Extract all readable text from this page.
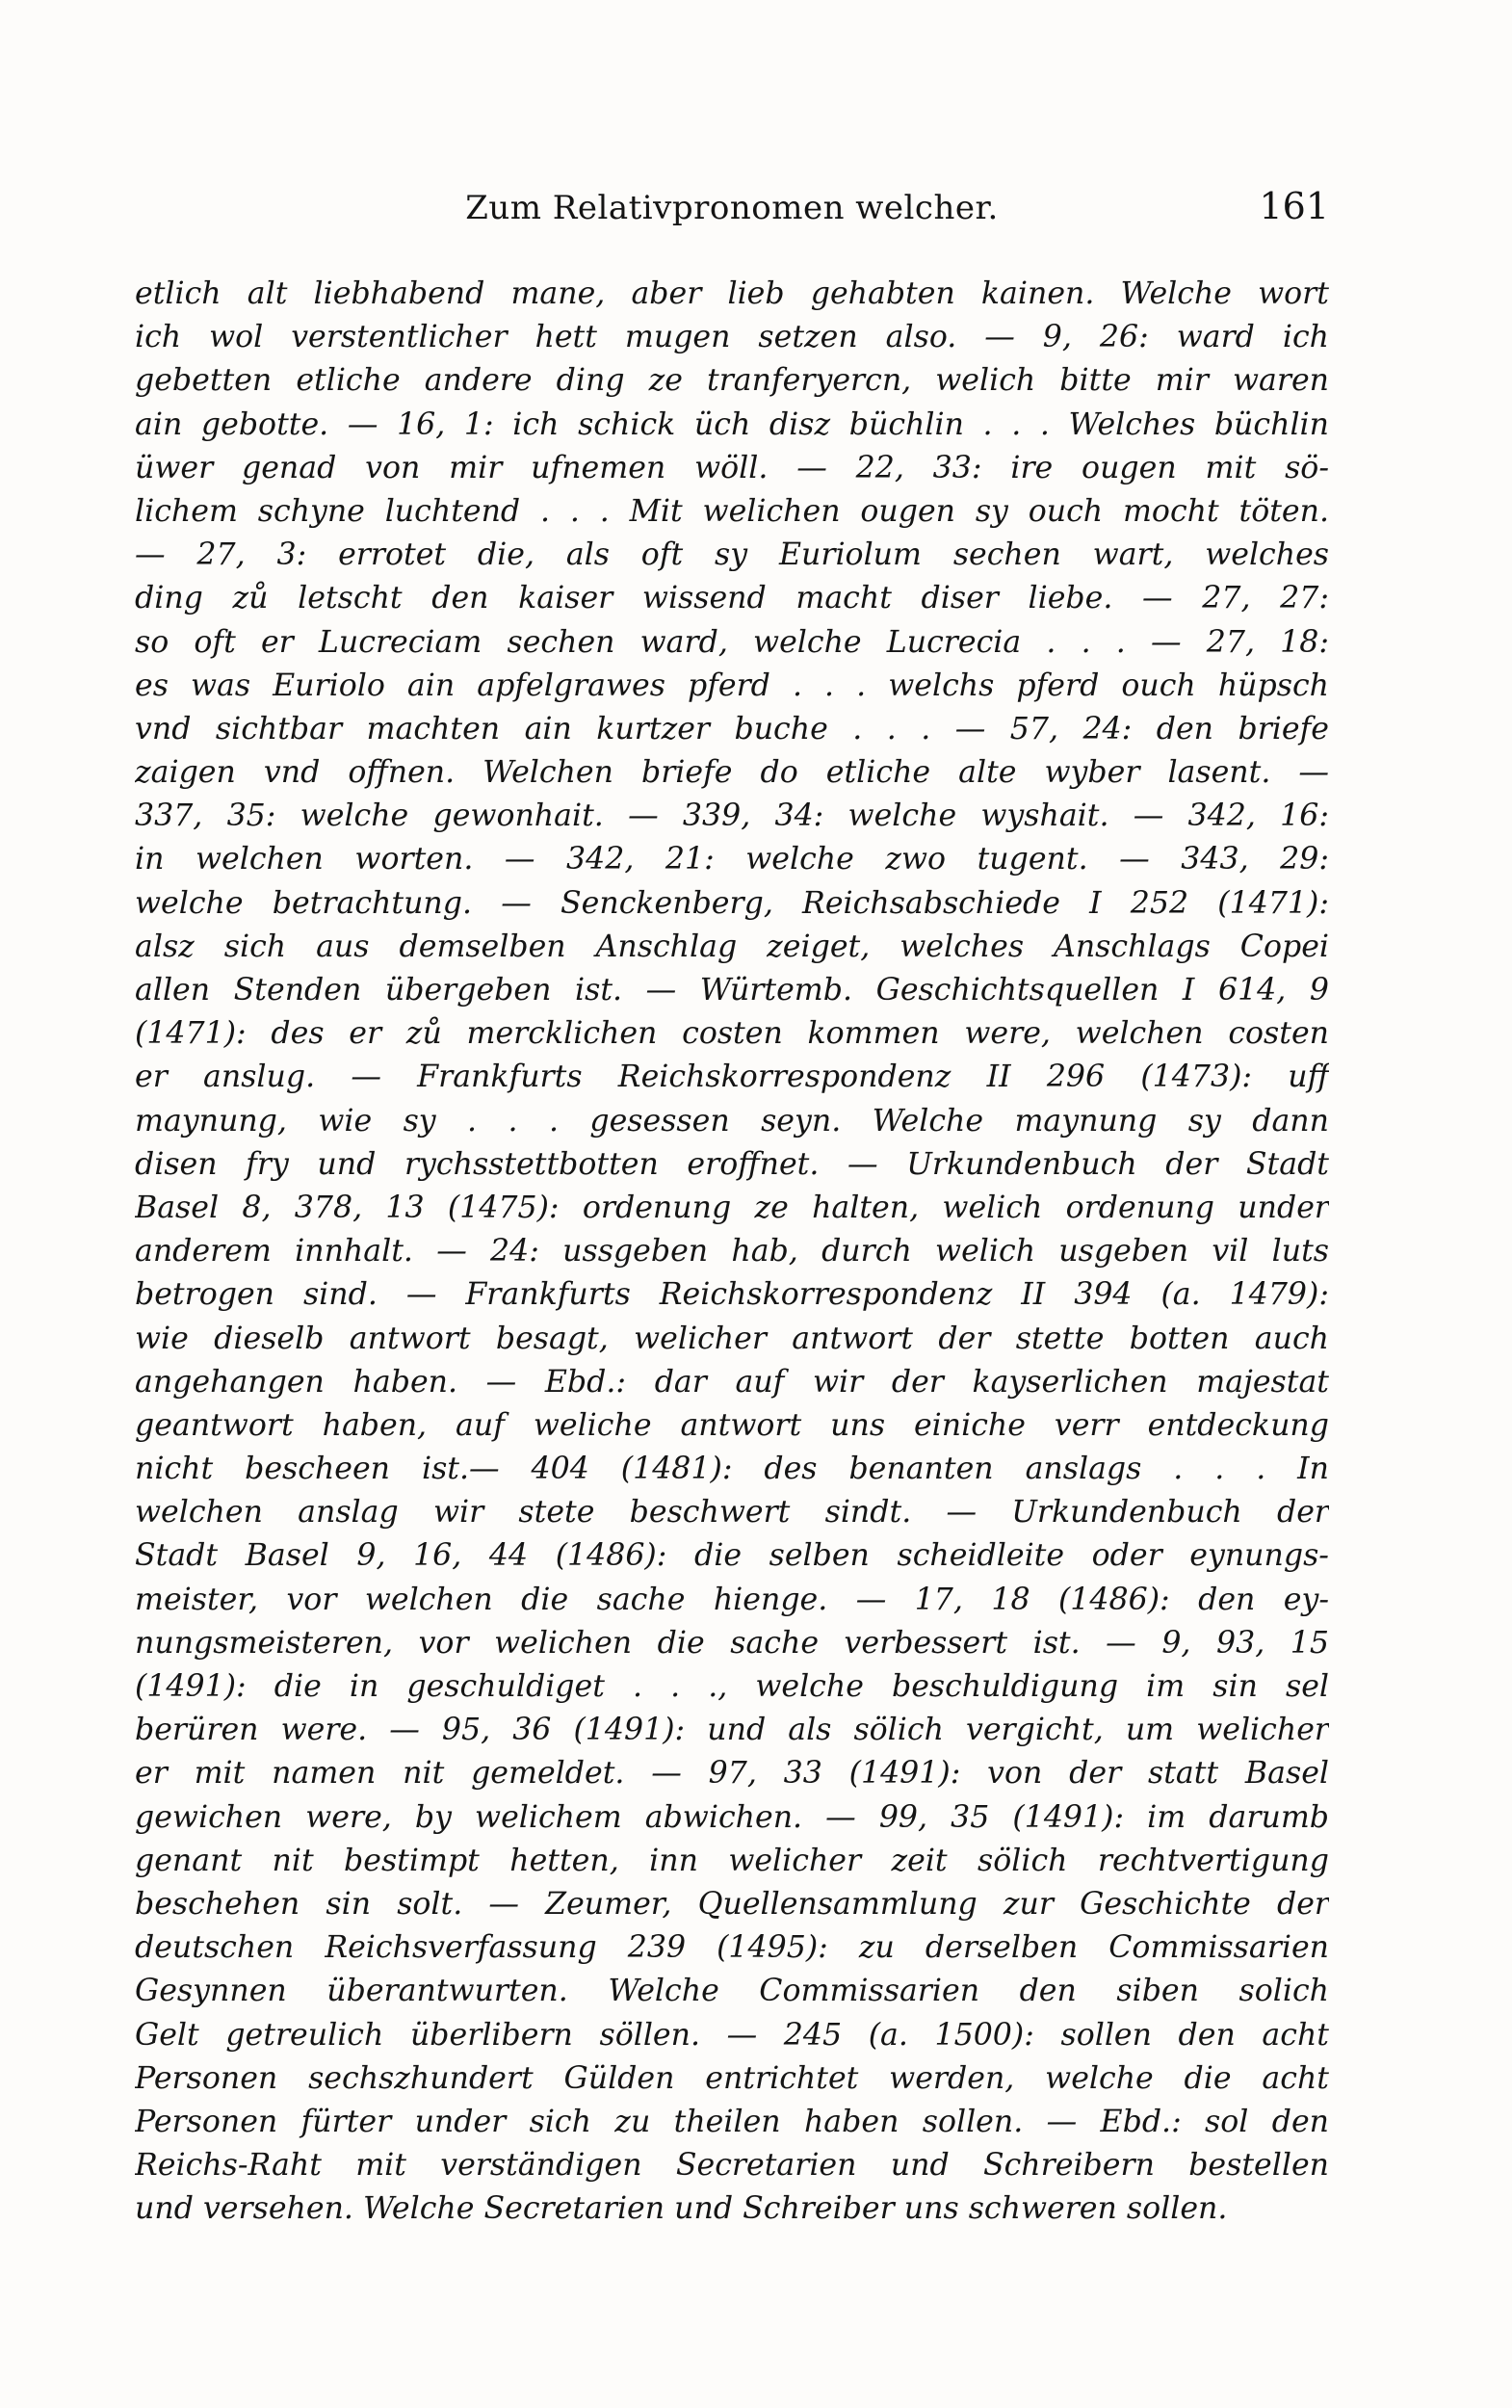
Zum Relativpronomen welcher.	161
etlich alt liebhabend mane, aber lieb gehabten kainen. Welche wort
ich wol verstentlicher hett mugen setzen also. — 9, 26: ward ich
gebetten etliche andere ding ze tranferyercn, welich bitte mir waren
ain gebotte. — 16, 1: ich schick üch disz büchlin . . . Welches büchlin
üwer genad von mir ufnemen wöll. — 22, 33: ire ougen mit sö-
lichem schyne luchtend . . . Mit welichen ougen sy ouch mocht töten.
— 27, 3: errotet die, als oft sy Euriolum sechen wart, welches
ding zů letscht den kaiser wissend macht diser liebe. — 27, 27:
so oft er Lucreciam sechen ward, welche Lucrecia . . . — 27, 18:
es was Euriolo ain apfelgrawes pferd . . . welchs pferd ouch hüpsch
vnd sichtbar machten ain kurtzer buche . . . — 57, 24: den briefe
zaigen vnd offnen. Welchen briefe do etliche alte wyber lasent. —
337, 35: welche gewonhait. — 339, 34: welche wyshait. — 342, 16:
in welchen worten. — 342, 21: welche zwo tugent. — 343, 29:
welche betrachtung. — Senckenberg, Reichsabschiede I 252 (1471):
alsz sich aus demselben Anschlag zeiget, welches Anschlags Copei
allen Stenden übergeben ist. — Würtemb. Geschichtsquellen I 614, 9
(1471): des er zů mercklichen costen kommen were, welchen costen
er anslug. — Frankfurts Reichskorrespondenz II 296 (1473): uff
maynung, wie sy . . . gesessen seyn. Welche maynung sy dann
disen fry und rychsstettbotten eroffnet. — Urkundenbuch der Stadt
Basel 8, 378, 13 (1475): ordenung ze halten, welich ordenung under
anderem innhalt. — 24: ussgeben hab, durch welich usgeben vil luts
betrogen sind. — Frankfurts Reichskorrespondenz II 394 (a. 1479):
wie dieselb antwort besagt, welicher antwort der stette botten auch
angehangen haben. — Ebd.: dar auf wir der kayserlichen majestat
geantwort haben, auf weliche antwort uns einiche verr entdeckung
nicht bescheen ist.— 404 (1481): des benanten anslags . . . In
welchen anslag wir stete beschwert sindt. — Urkundenbuch der
Stadt Basel 9, 16, 44 (1486): die selben scheidleite oder eynungs-
meister, vor welchen die sache hienge. — 17, 18 (1486): den ey-
nungsmeisteren, vor welichen die sache verbessert ist. — 9, 93, 15
(1491): die in geschuldiget . . ., welche beschuldigung im sin sel
berüren were. — 95, 36 (1491): und als sölich vergicht, um welicher
er mit namen nit gemeldet. — 97, 33 (1491): von der statt Basel
gewichen were, by welichem abwichen. — 99, 35 (1491): im darumb
genant nit bestimpt hetten, inn welicher zeit sölich rechtvertigung
beschehen sin solt. — Zeumer, Quellensammlung zur Geschichte der
deutschen Reichsverfassung 239 (1495): zu derselben Commissarien
Gesynnen überantwurten. Welche Commissarien den siben solich
Gelt getreulich überlibern söllen. — 245 (a. 1500): sollen den acht
Personen sechszhundert Gülden entrichtet werden, welche die acht
Personen fürter under sich zu theilen haben sollen. — Ebd.: sol den
Reichs-Raht mit verständigen Secretarien und Schreibern bestellen
und versehen. Welche Secretarien und Schreiber uns schweren sollen.
